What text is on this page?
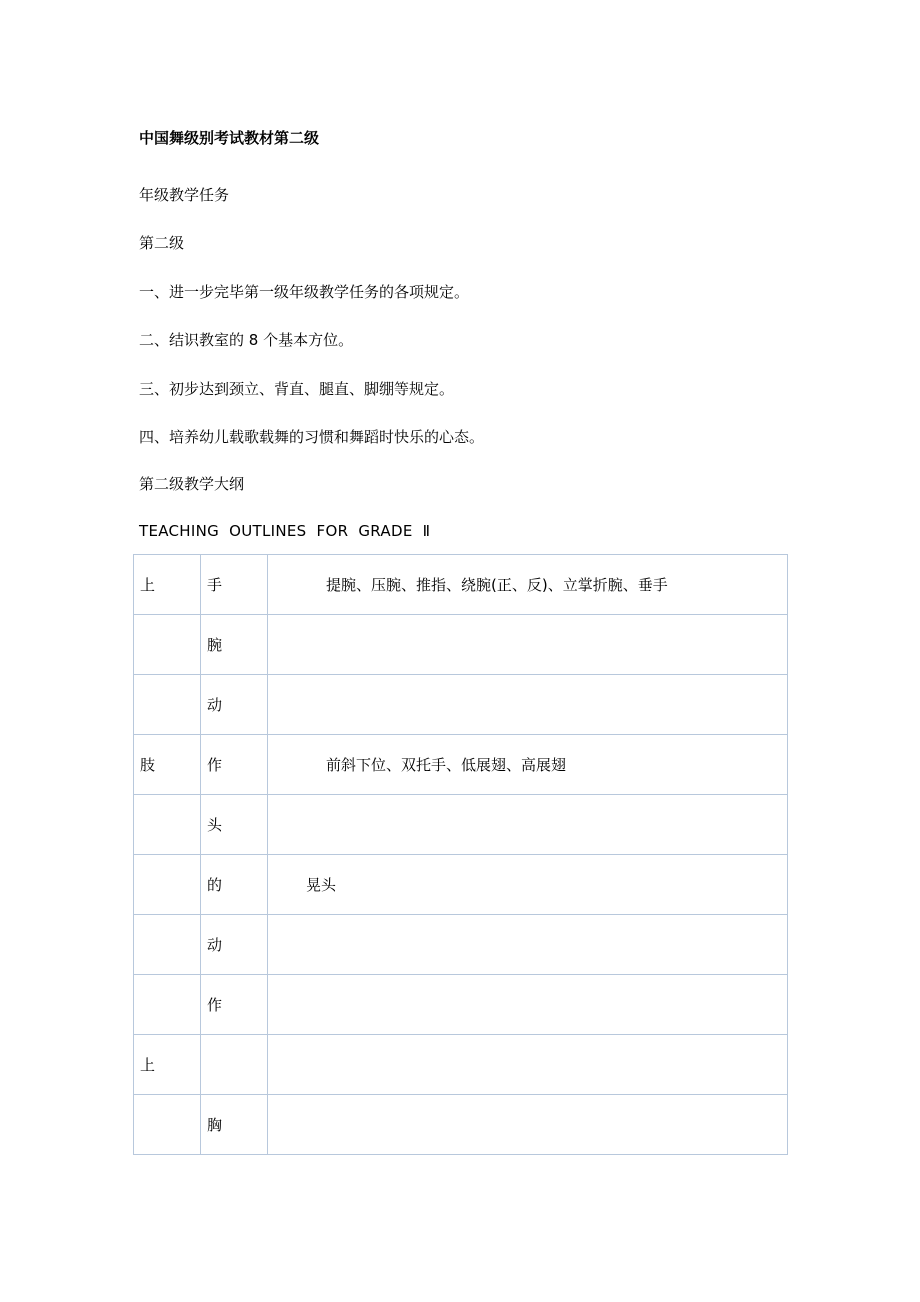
中国舞级别考试教材第二级
年级教学任务
第二级
一、进一步完毕第一级年级教学任务的各项规定。
二、结识教室的 8 个基本方位。
三、初步达到颈立、背直、腿直、脚绷等规定。
四、培养幼儿载歌载舞的习惯和舞蹈时快乐的心态。
第二级教学大纲
TEACHING OUTLINES FOR GRADE Ⅱ
上	手	提腕、压腕、推指、绕腕(正、反)、立掌折腕、垂手
	腕	
	动	
肢	作	前斜下位、双托手、低展翅、高展翅
	头	
	的	晃头
	动	
	作	
上		
	胸	
